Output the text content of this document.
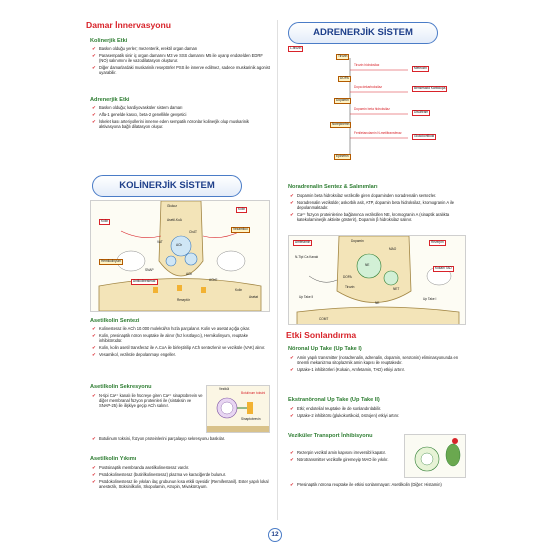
Damar İnnervasyonu
Kolinerjik Etki
✔ Baskın olduğu yerler; mezenterik, erektil organ daman
✔ Parasempatik sinir iç organ damarını M3 ve SSS damarını M5 ile uyarıp endotelden EDRF (NO) salınımını ile vazodilatasyon oluşturur.
✔ Diğer damarlardaki muskarinik reseptörler PSS ile innerve edilmez, sadece muskarinik agonist uyarabilir.
Adrenerjik Etki
✔ Baskın olduğu; kardiyovasküler sistem damarı
✔ Alfa-1 genelde kasıcı, beta-2 genellikle gevşetici
✔ İskelet kası arteriyollerini innerve eden sempatik nöronlar kolinerjik olup muskarinik aktivasyona bağlı dilatasyon oluşur.
KOLİNERJİK SİSTEM
Glukoz
Kolin
Asetil-KoA
Kolin
ChAT
ACh
VAT
ACh
Hemikolinyum
Vezamikol
Antikolinesteraz	AChE
Kolin
Asetat
Reseptör
SNAP
Asetilkolin Sentezi
✔ Kolinesteraz ile ACh 10.000 molekül/sn hızla parçalanır. Kolin ve asetat açığa çıkar.
✔ Kolin, presinaptik nöron reuptake ile alınır (hız kısıtlayıcı), Hemikolinyum, reuptake inhibitörüdür.
✔ Kolin, kolin asetil transferaz ile A.CoA ile birleştirilip ACh sentezlenir ve veziküle (VAK) alınır.
✔ Vesamikol, veziküle depolanmayı engeller.
Asetilkolin Sekresyonu
✔ N-tipi Ca²⁺ kanalı ile hücreye giren Ca²⁺ sinaptobrevin ve diğer membranal füzyon proteinleri ile (sintaksin ve SNAP-25) ile ilişkiye geçip ACh salınır.
✔ Botulinum toksini, füzyon proteinlerini parçalayıp sekresyonu baskılar.
Vezikül
Botulinum toksini
Sinaptobrevin
Asetilkolin Yıkımı
✔ Postsinaptik membranda asetilkolinesteraz vardır.
✔ Psödokolinesteraz (butirilkolinesteraz) plazma ve karaciğerde bulunur.
✔ Psödokolinesteraz ile yıkılan ilaç grubunun kısa etkili üyesidir (Remifentanil). Ester yapılı lokal anestezik, Süksinilkolin, Skopolamin, Atropin, Mivakürüyum.
ADRENERJİK SİSTEM
L-tirozin
Tirozin
DOPA
Dopamin
Norepinefrin
Epinefrin
Tirozin hidroksilaz
Dopa dekarboksilaz
Dopamin beta hidroksilaz
Feniletanolamin N-metiltransferaz
Metirozin
Benserazid Karbidopa
Disülfiram
Glukokortikoid
Noradrenalin Sentez & Salınımları
✔ Dopamin beta hidroksilaz vezikülle giren dopaminden noradrenalin sentezler.
✔ Noradrenalin vezikülde; askorbik asit, ATP, dopamin beta hidroksilaz, kromogranin A ile depolanmaktadır.
✔ Ca²⁺ füzyon proteinlerine bağlanınca veziküllen NE, kromogranin A (sinaptik aralıkta katekolaminerjik aktivite gösterir), Dopamin β hidroksilaz salınır.
Dopamin	Rezerpin
NE
MAO
NET
N-Tipi Ca Kanalı
Amfetamin
Kokain TAD
Up Take II	Up Take I
DOPA
Tirozin
COMT
NE
Etki Sonlandırma
Nöronal Up Take (Up Take I)
✔ Amin yapılı transmitter (noradrenalin, adrenalin, dopamin, serotonin) eliminasyonunda en önemli mekanizma sitoplazmik amin kapısı ile reuptakedır.
✔ Uptake-1 inhibitörleri (Kokain, Amfetamin, TAD) etkiyi artırır.
Ekstranöronal Up Take (Up Take II)
✔ Etki; endotelial reuptake ile de sonlandırılabilir.
✔ Uptake-2 inhibitörü (glukokortikoid, östrojen) etkiyi artırır.
Veziküler Transport İnhibisyonu
✔ Rezerpin vezikül amin kapısını irreversibl kapatır.
✔ Nörotransmitter vezikülle giremeyip MAO ile yıkılır.
✔ Presinaptik nörona reuptake ile etkisi sonlanmayan: Asetilkolin (Diğer: Histamin)
12
